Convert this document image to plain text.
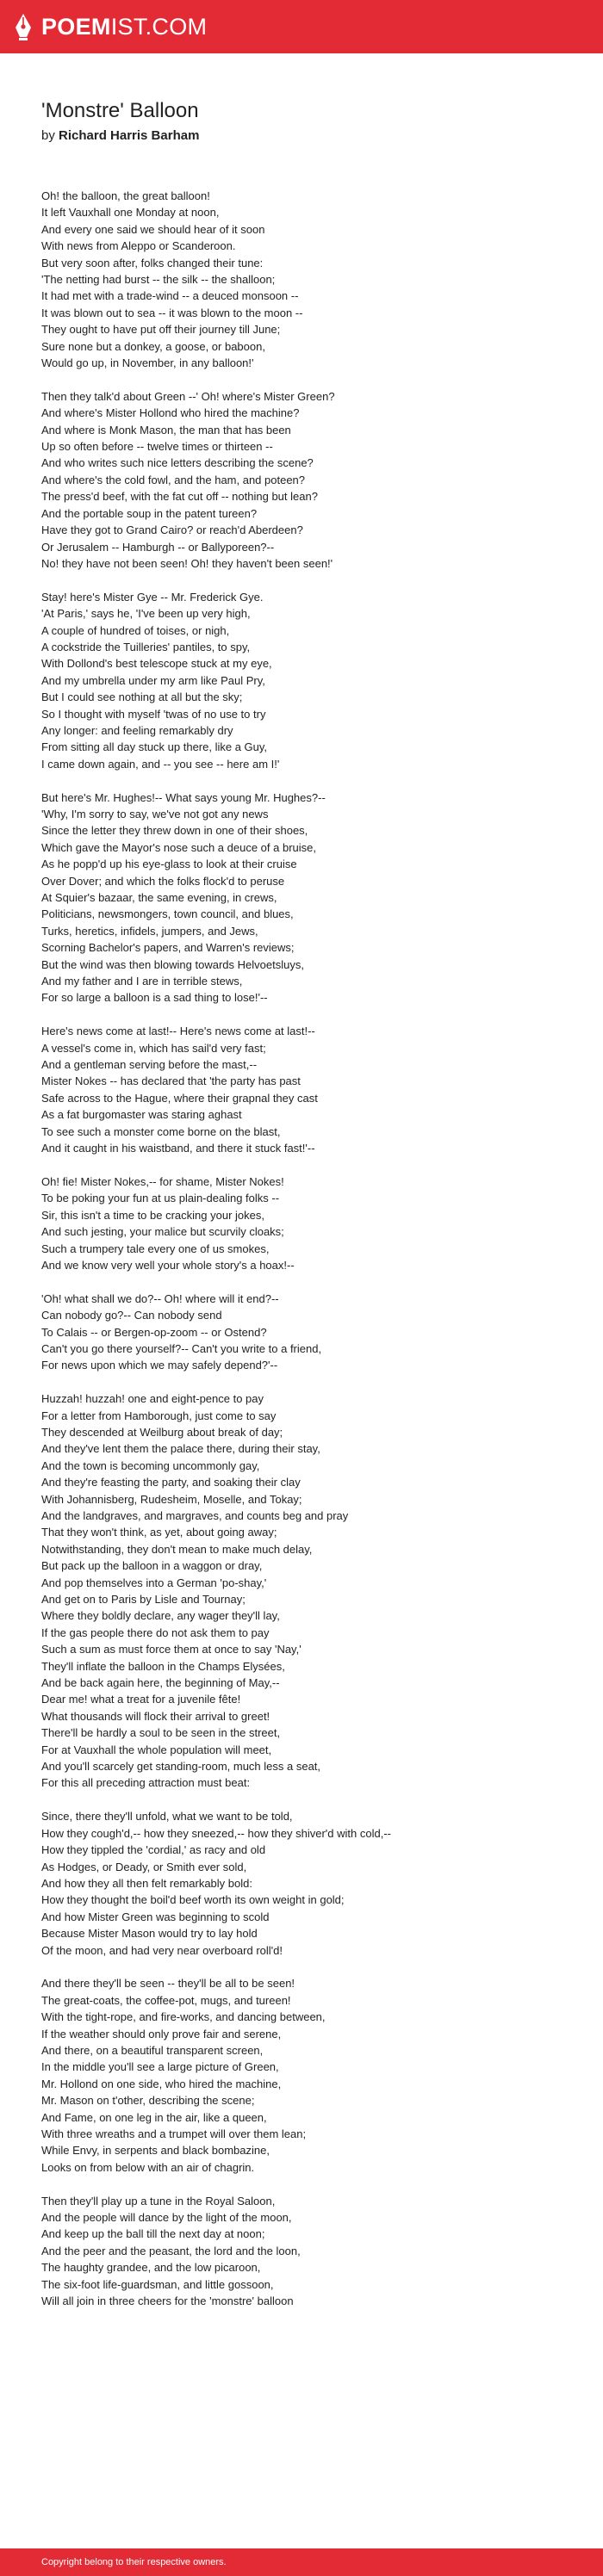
POEMIST.COM
'Monstre' Balloon
by Richard Harris Barham
Oh! the balloon, the great balloon!
It left Vauxhall one Monday at noon,
And every one said we should hear of it soon
With news from Aleppo or Scanderoon.
But very soon after, folks changed their tune:
'The netting had burst -- the silk -- the shalloon;
It had met with a trade-wind -- a deuced monsoon --
It was blown out to sea -- it was blown to the moon --
They ought to have put off their journey till June;
Sure none but a donkey, a goose, or baboon,
Would go up, in November, in any balloon!'
Then they talk'd about Green --' Oh! where's Mister Green?
And where's Mister Hollond who hired the machine?
And where is Monk Mason, the man that has been
Up so often before -- twelve times or thirteen --
And who writes such nice letters describing the scene?
And where's the cold fowl, and the ham, and poteen?
The press'd beef, with the fat cut off -- nothing but lean?
And the portable soup in the patent tureen?
Have they got to Grand Cairo? or reach'd Aberdeen?
Or Jerusalem -- Hamburgh -- or Ballyporeen?--
No! they have not been seen! Oh! they haven't been seen!'
Stay! here's Mister Gye -- Mr. Frederick Gye.
'At Paris,' says he, 'I've been up very high,
A couple of hundred of toises, or nigh,
A cockstride the Tuilleries' pantiles, to spy,
With Dollond's best telescope stuck at my eye,
And my umbrella under my arm like Paul Pry,
But I could see nothing at all but the sky;
So I thought with myself 'twas of no use to try
Any longer: and feeling remarkably dry
From sitting all day stuck up there, like a Guy,
I came down again, and -- you see -- here am I!'
But here's Mr. Hughes!-- What says young Mr. Hughes?--
'Why, I'm sorry to say, we've not got any news
Since the letter they threw down in one of their shoes,
Which gave the Mayor's nose such a deuce of a bruise,
As he popp'd up his eye-glass to look at their cruise
Over Dover; and which the folks flock'd to peruse
At Squier's bazaar, the same evening, in crews,
Politicians, newsmongers, town council, and blues,
Turks, heretics, infidels, jumpers, and Jews,
Scorning Bachelor's papers, and Warren's reviews;
But the wind was then blowing towards Helvoetsluys,
And my father and I are in terrible stews,
For so large a balloon is a sad thing to lose!'--
Here's news come at last!-- Here's news come at last!--
A vessel's come in, which has sail'd very fast;
And a gentleman serving before the mast,--
Mister Nokes -- has declared that 'the party has past
Safe across to the Hague, where their grapnal they cast
As a fat burgomaster was staring aghast
To see such a monster come borne on the blast,
And it caught in his waistband, and there it stuck fast!'--
Oh! fie! Mister Nokes,-- for shame, Mister Nokes!
To be poking your fun at us plain-dealing folks --
Sir, this isn't a time to be cracking your jokes,
And such jesting, your malice but scurvily cloaks;
Such a trumpery tale every one of us smokes,
And we know very well your whole story's a hoax!--
'Oh! what shall we do?-- Oh! where will it end?--
Can nobody go?-- Can nobody send
To Calais -- or Bergen-op-zoom -- or Ostend?
Can't you go there yourself?-- Can't you write to a friend,
For news upon which we may safely depend?'--
Huzzah! huzzah! one and eight-pence to pay
For a letter from Hamborough, just come to say
They descended at Weilburg about break of day;
And they've lent them the palace there, during their stay,
And the town is becoming uncommonly gay,
And they're feasting the party, and soaking their clay
With Johannisberg, Rudesheim, Moselle, and Tokay;
And the landgraves, and margraves, and counts beg and pray
That they won't think, as yet, about going away;
Notwithstanding, they don't mean to make much delay,
But pack up the balloon in a waggon or dray,
And pop themselves into a German 'po-shay,'
And get on to Paris by Lisle and Tournay;
Where they boldly declare, any wager they'll lay,
If the gas people there do not ask them to pay
Such a sum as must force them at once to say 'Nay,'
They'll inflate the balloon in the Champs Elysées,
And be back again here, the beginning of May,--
Dear me! what a treat for a juvenile fête!
What thousands will flock their arrival to greet!
There'll be hardly a soul to be seen in the street,
For at Vauxhall the whole population will meet,
And you'll scarcely get standing-room, much less a seat,
For this all preceding attraction must beat:
Since, there they'll unfold, what we want to be told,
How they cough'd,-- how they sneezed,-- how they shiver'd with cold,--
How they tippled the 'cordial,' as racy and old
As Hodges, or Deady, or Smith ever sold,
And how they all then felt remarkably bold:
How they thought the boil'd beef worth its own weight in gold;
And how Mister Green was beginning to scold
Because Mister Mason would try to lay hold
Of the moon, and had very near overboard roll'd!
And there they'll be seen -- they'll be all to be seen!
The great-coats, the coffee-pot, mugs, and tureen!
With the tight-rope, and fire-works, and dancing between,
If the weather should only prove fair and serene,
And there, on a beautiful transparent screen,
In the middle you'll see a large picture of Green,
Mr. Hollond on one side, who hired the machine,
Mr. Mason on t'other, describing the scene;
And Fame, on one leg in the air, like a queen,
With three wreaths and a trumpet will over them lean;
While Envy, in serpents and black bombazine,
Looks on from below with an air of chagrin.
Then they'll play up a tune in the Royal Saloon,
And the people will dance by the light of the moon,
And keep up the ball till the next day at noon;
And the peer and the peasant, the lord and the loon,
The haughty grandee, and the low picaroon,
The six-foot life-guardsman, and little gossoon,
Will all join in three cheers for the 'monstre' balloon
Copyright belong to their respective owners.
